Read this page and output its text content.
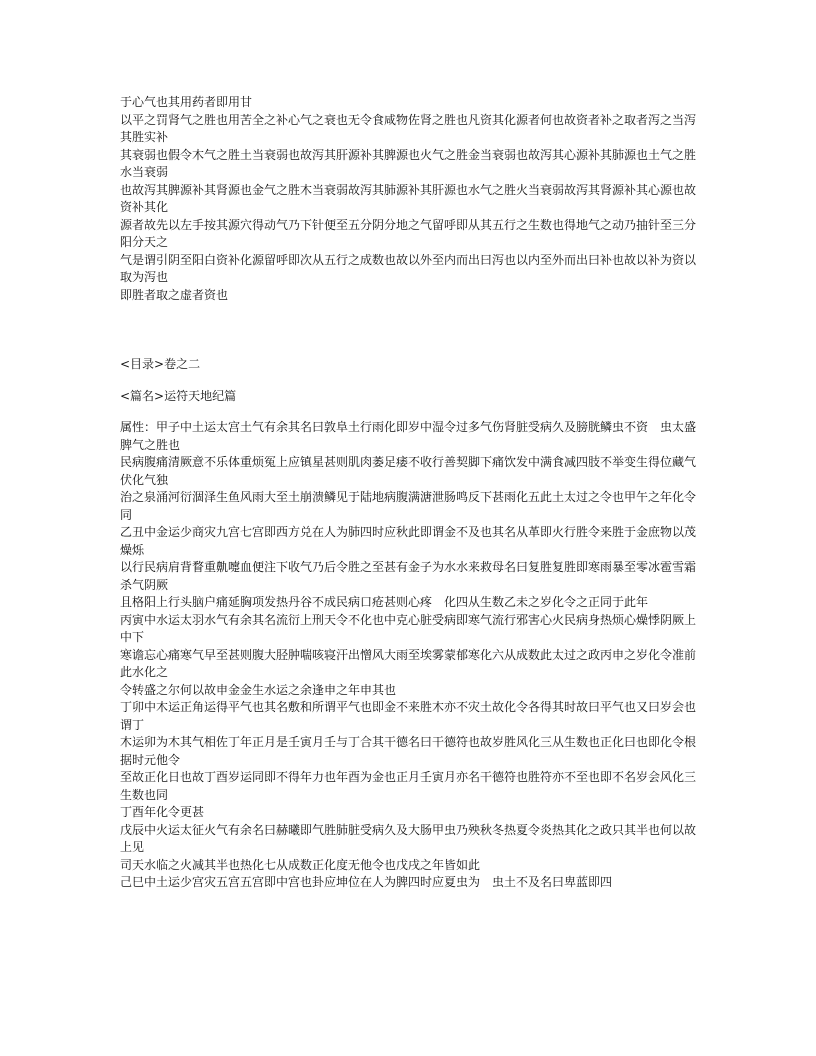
于心气也其用药者即用甘

以平之罚肾气之胜也用苦全之补心气之衰也无令食咸物佐肾之胜也凡资其化源者何也故资者补之取者泻之当泻其胜实补

其衰弱也假令木气之胜土当衰弱也故泻其肝源补其脾源也火气之胜金当衰弱也故泻其心源补其肺源也土气之胜水当衰弱

也故泻其脾源补其肾源也金气之胜木当衰弱故泻其肺源补其肝源也水气之胜火当衰弱故泻其肾源补其心源也故资补其化

源者故先以左手按其源穴得动气乃下针便至五分阴分地之气留呼即从其五行之生数也得地气之动乃抽针至三分阳分天之

气是谓引阴至阳白资补化源留呼即次从五行之成数也故以外至内而出曰泻也以内至外而出曰补也故以补为资以取为泻也

即胜者取之虚者资也

<目录>卷之二

<篇名>运符天地纪篇

属性：甲子中土运太宫土气有余其名曰敦阜土行雨化即岁中湿令过多气伤肾脏受病久及膀胱鳞虫不资　虫太盛脾气之胜也

民病腹痛清厥意不乐体重烦冤上应镇星甚则肌肉萎足痿不收行善契脚下痛饮发中满食减四肢不举变生得位藏气伏化气独

治之泉涌河衍涸泽生鱼风雨大至土崩溃鳞见于陆地病腹满溏泄肠鸣反下甚雨化五此土太过之令也甲午之年化令同

乙丑中金运少商灾九宫七宫即西方兑在人为肺四时应秋此即谓金不及也其名从革即火行胜令来胜于金庶物以茂燥烁

以行民病肩背瞀重鼽嚏血便注下收气乃后令胜之至甚有金子为水水来救母名曰复胜复胜即寒雨暴至零冰雹雪霜杀气阴厥

且格阳上行头脑户痛延胸项发热丹谷不成民病口疮甚则心疼　化四从生数乙未之岁化令之正同于此年

丙寅中水运太羽水气有余其名流衍上刑天令不化也中克心脏受病即寒气流行邪害心火民病身热烦心燥悸阴厥上中下

寒谵忘心痛寒气早至甚则腹大胫肿喘咳寝汗出憎风大雨至埃雾蒙郁寒化六从成数此太过之政丙申之岁化令准前此水化之

令转盛之尔何以故申金金生水运之余逢申之年申其也

丁卯中木运正角运得平气也其名敷和所谓平气也即金不来胜木亦不灾土故化令各得其时故曰平气也又曰岁会也谓丁

木运卯为木其气相佐丁年正月是壬寅月壬与丁合其干德名曰干德符也故岁胜风化三从生数也正化曰也即化令根据时元他令

至故正化日也故丁酉岁运同即不得年力也年酉为金也正月壬寅月亦名干德符也胜符亦不至也即不名岁会风化三生数也同

丁酉年化令更甚

戊辰中火运太征火气有余名曰赫曦即气胜肺脏受病久及大肠甲虫乃殃秋冬热夏令炎热其化之政只其半也何以故上见

司天水临之火减其半也热化七从成数正化度无他令也戊戌之年皆如此

己巳中土运少宫灾五宫五宫即中宫也卦应坤位在人为脾四时应夏虫为　虫土不及名曰卑蓝即四
